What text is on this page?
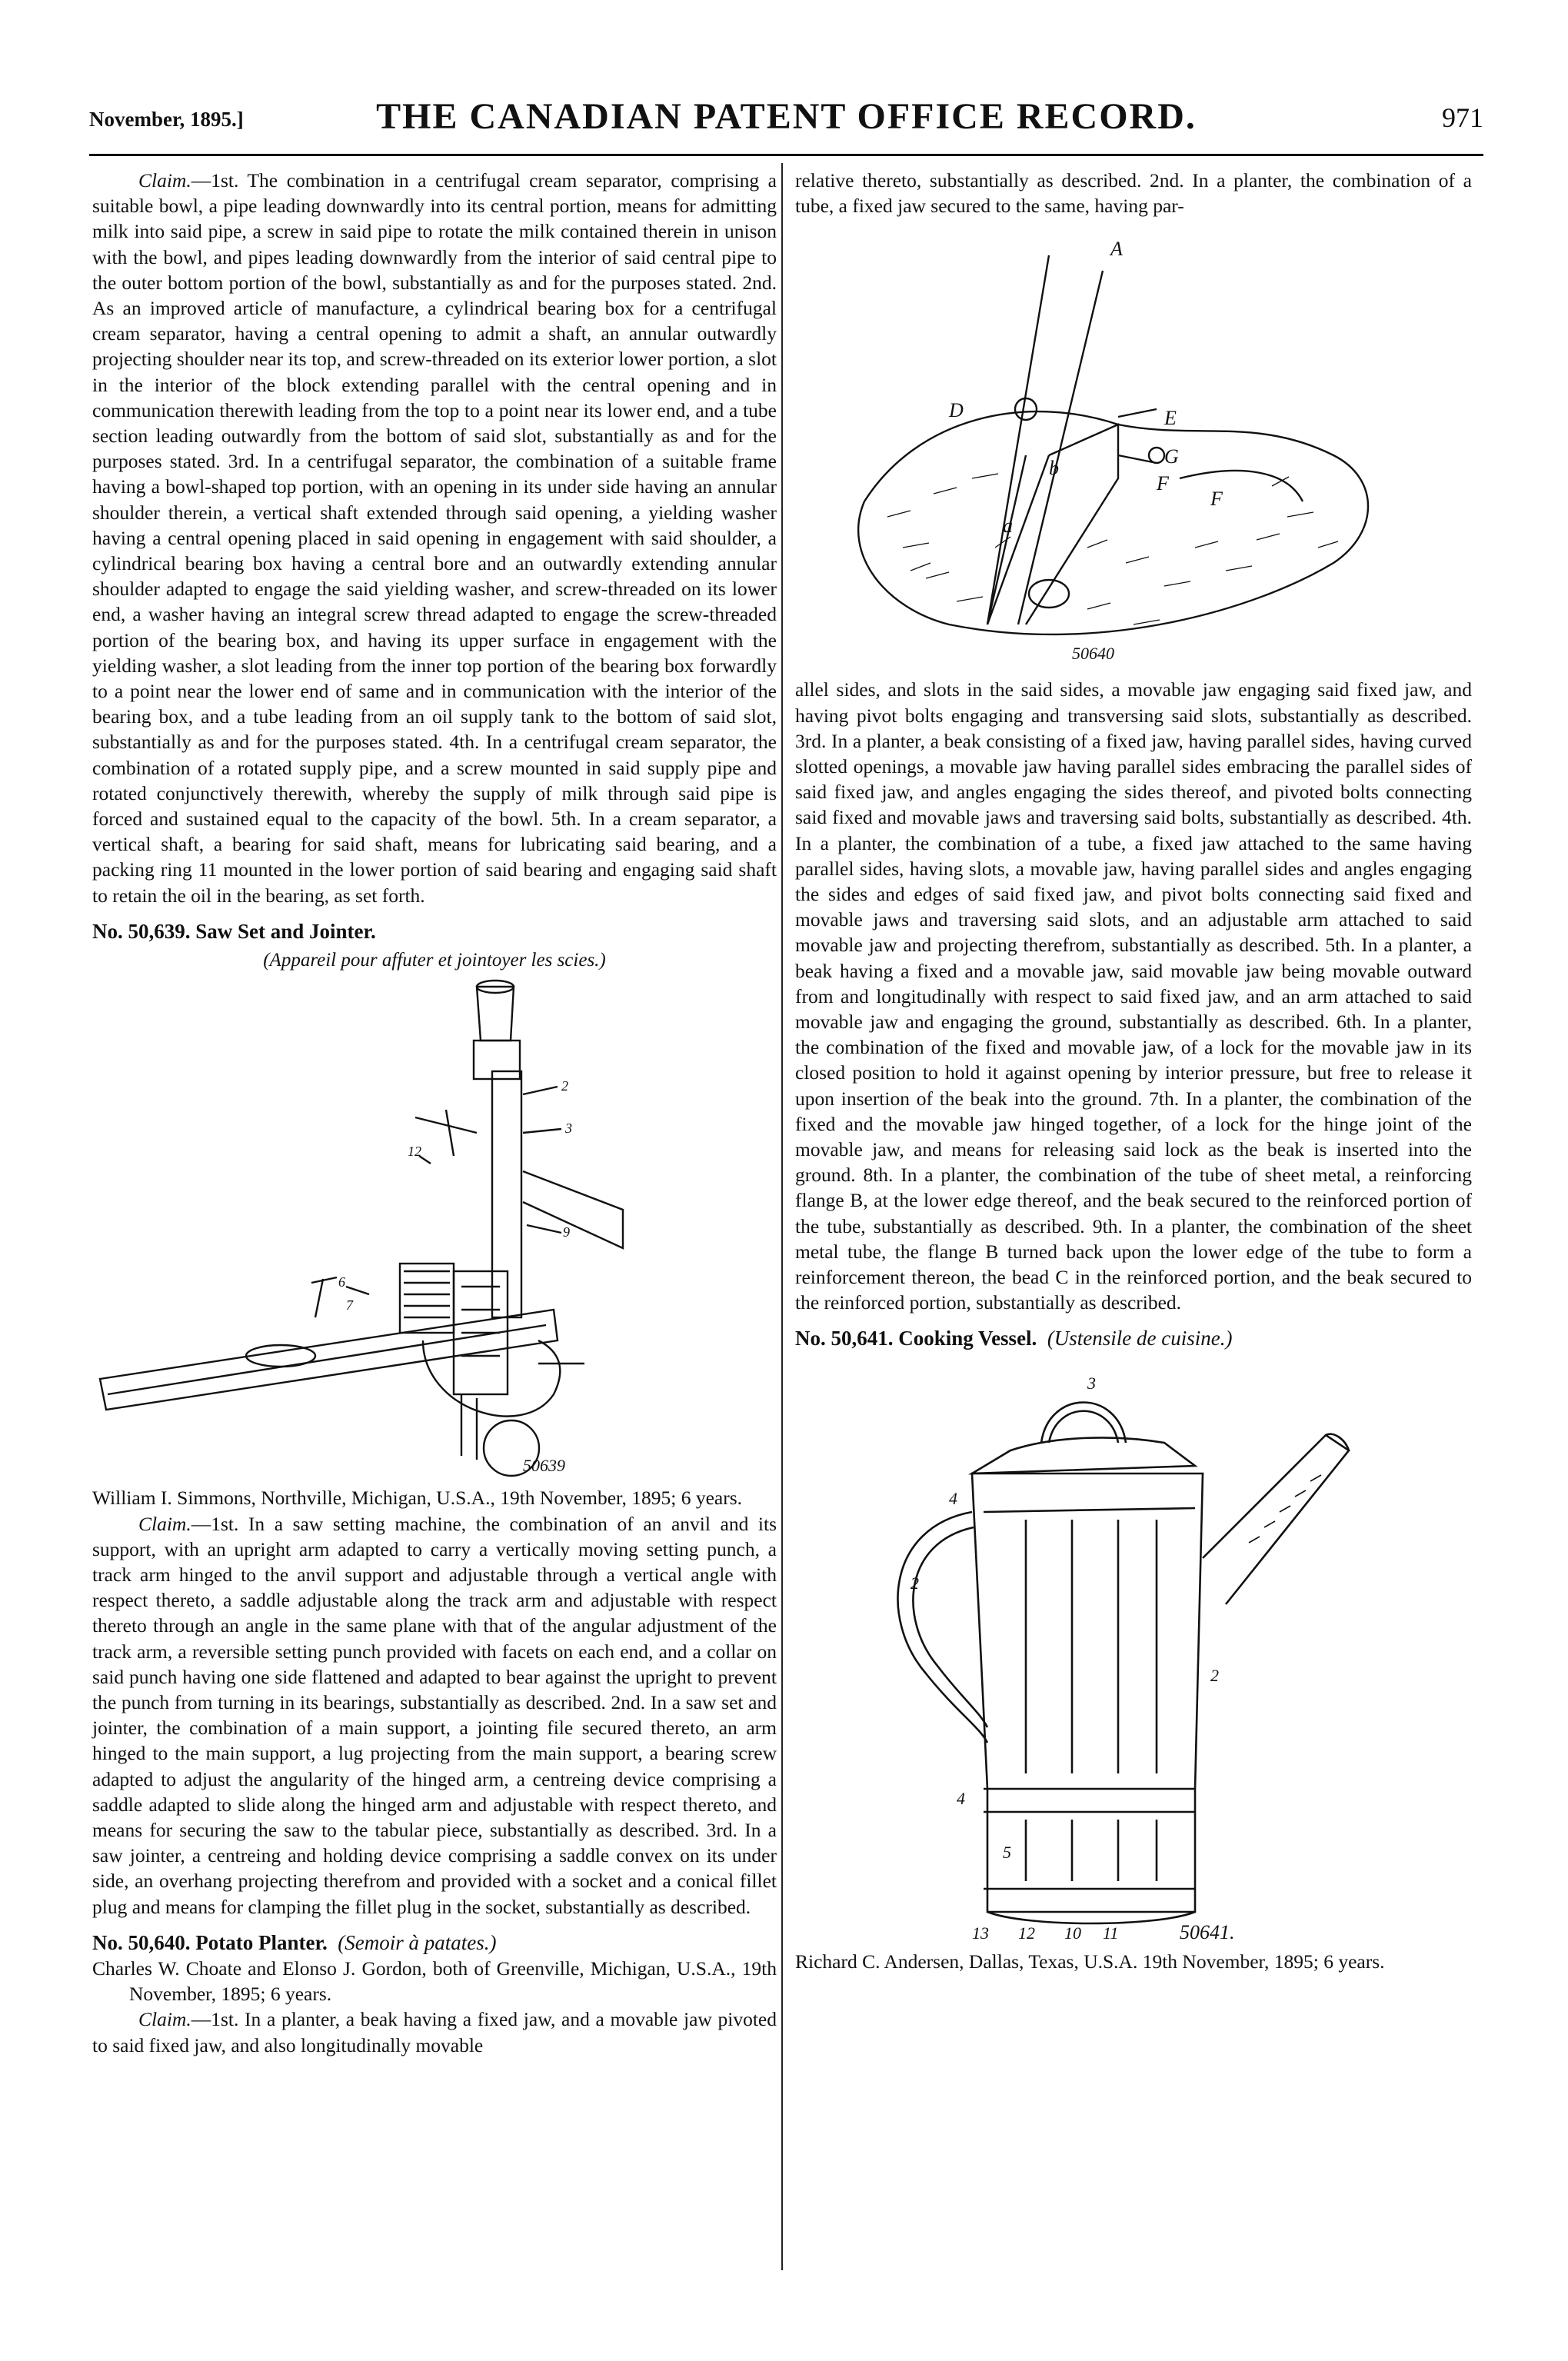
November, 1895.]	THE CANADIAN PATENT OFFICE RECORD.	971

Claim.—1st. The combination in a centrifugal cream separator, comprising a suitable bowl, a pipe leading downwardly into its central portion, means for admitting milk into said pipe, a screw in said pipe to rotate the milk contained therein in unison with the bowl, and pipes leading downwardly from the interior of said central pipe to the outer bottom portion of the bowl, substantially as and for the purposes stated. 2nd. As an improved article of manufacture, a cylindrical bearing box for a centrifugal cream separator, having a central opening to admit a shaft, an annular outwardly projecting shoulder near its top, and screw-threaded on its exterior lower portion, a slot in the interior of the block extending parallel with the central opening and in communication therewith leading from the top to a point near its lower end, and a tube section leading outwardly from the bottom of said slot, substantially as and for the purposes stated. 3rd. In a centrifugal separator, the combination of a suitable frame having a bowl-shaped top portion, with an opening in its under side having an annular shoulder therein, a vertical shaft extended through said opening, a yielding washer having a central opening placed in said opening in engagement with said shoulder, a cylindrical bearing box having a central bore and an outwardly extending annular shoulder adapted to engage the said yielding washer, and screw-threaded on its lower end, a washer having an integral screw thread adapted to engage the screw-threaded portion of the bearing box, and having its upper surface in engagement with the yielding washer, a slot leading from the inner top portion of the bearing box forwardly to a point near the lower end of same and in communication with the interior of the bearing box, and a tube leading from an oil supply tank to the bottom of said slot, substantially as and for the purposes stated. 4th. In a centrifugal cream separator, the combination of a rotated supply pipe, and a screw mounted in said supply pipe and rotated conjunctively therewith, whereby the supply of milk through said pipe is forced and sustained equal to the capacity of the bowl. 5th. In a cream separator, a vertical shaft, a bearing for said shaft, means for lubricating said bearing, and a packing ring 11 mounted in the lower portion of said bearing and engaging said shaft to retain the oil in the bearing, as set forth.

No. 50,639. Saw Set and Jointer.

(Appareil pour affuter et jointoyer les scies.)

2
3
12
9
6
7
50639

William I. Simmons, Northville, Michigan, U.S.A., 19th November, 1895; 6 years.

Claim.—1st. In a saw setting machine, the combination of an anvil and its support, with an upright arm adapted to carry a vertically moving setting punch, a track arm hinged to the anvil support and adjustable through a vertical angle with respect thereto, a saddle adjustable along the track arm and adjustable with respect thereto through an angle in the same plane with that of the angular adjustment of the track arm, a reversible setting punch provided with facets on each end, and a collar on said punch having one side flattened and adapted to bear against the upright to prevent the punch from turning in its bearings, substantially as described. 2nd. In a saw set and jointer, the combination of a main support, a jointing file secured thereto, an arm hinged to the main support, a lug projecting from the main support, a bearing screw adapted to adjust the angularity of the hinged arm, a centreing device comprising a saddle adapted to slide along the hinged arm and adjustable with respect thereto, and means for securing the saw to the tabular piece, substantially as described. 3rd. In a saw jointer, a centreing and holding device comprising a saddle convex on its under side, an overhang projecting therefrom and provided with a socket and a conical fillet plug and means for clamping the fillet plug in the socket, substantially as described.

No. 50,640. Potato Planter. (Semoir à patates.)

Charles W. Choate and Elonso J. Gordon, both of Greenville, Michigan, U.S.A., 19th November, 1895; 6 years.

Claim.—1st. In a planter, a beak having a fixed jaw, and a movable jaw pivoted to said fixed jaw, and also longitudinally movable

relative thereto, substantially as described. 2nd. In a planter, the combination of a tube, a fixed jaw secured to the same, having par-

A
D	E
G
F
F
b
a
50640

allel sides, and slots in the said sides, a movable jaw engaging said fixed jaw, and having pivot bolts engaging and transversing said slots, substantially as described. 3rd. In a planter, a beak consisting of a fixed jaw, having parallel sides, having curved slotted openings, a movable jaw having parallel sides embracing the parallel sides of said fixed jaw, and angles engaging the sides thereof, and pivoted bolts connecting said fixed and movable jaws and traversing said bolts, substantially as described. 4th. In a planter, the combination of a tube, a fixed jaw attached to the same having parallel sides, having slots, a movable jaw, having parallel sides and angles engaging the sides and edges of said fixed jaw, and pivot bolts connecting said fixed and movable jaws and traversing said slots, and an adjustable arm attached to said movable jaw and projecting therefrom, substantially as described. 5th. In a planter, a beak having a fixed and a movable jaw, said movable jaw being movable outward from and longitudinally with respect to said fixed jaw, and an arm attached to said movable jaw and engaging the ground, substantially as described. 6th. In a planter, the combination of the fixed and movable jaw, of a lock for the movable jaw in its closed position to hold it against opening by interior pressure, but free to release it upon insertion of the beak into the ground. 7th. In a planter, the combination of the fixed and the movable jaw hinged together, of a lock for the hinge joint of the movable jaw, and means for releasing said lock as the beak is inserted into the ground. 8th. In a planter, the combination of the tube of sheet metal, a reinforcing flange B, at the lower edge thereof, and the beak secured to the reinforced portion of the tube, substantially as described. 9th. In a planter, the combination of the sheet metal tube, the flange B turned back upon the lower edge of the tube to form a reinforcement thereon, the bead C in the reinforced portion, and the beak secured to the reinforced portion, substantially as described.

No. 50,641. Cooking Vessel. (Ustensile de cuisine.)

3
4
2
2
4
5
13 12 10 11	50641.

Richard C. Andersen, Dallas, Texas, U.S.A. 19th November, 1895; 6 years.
